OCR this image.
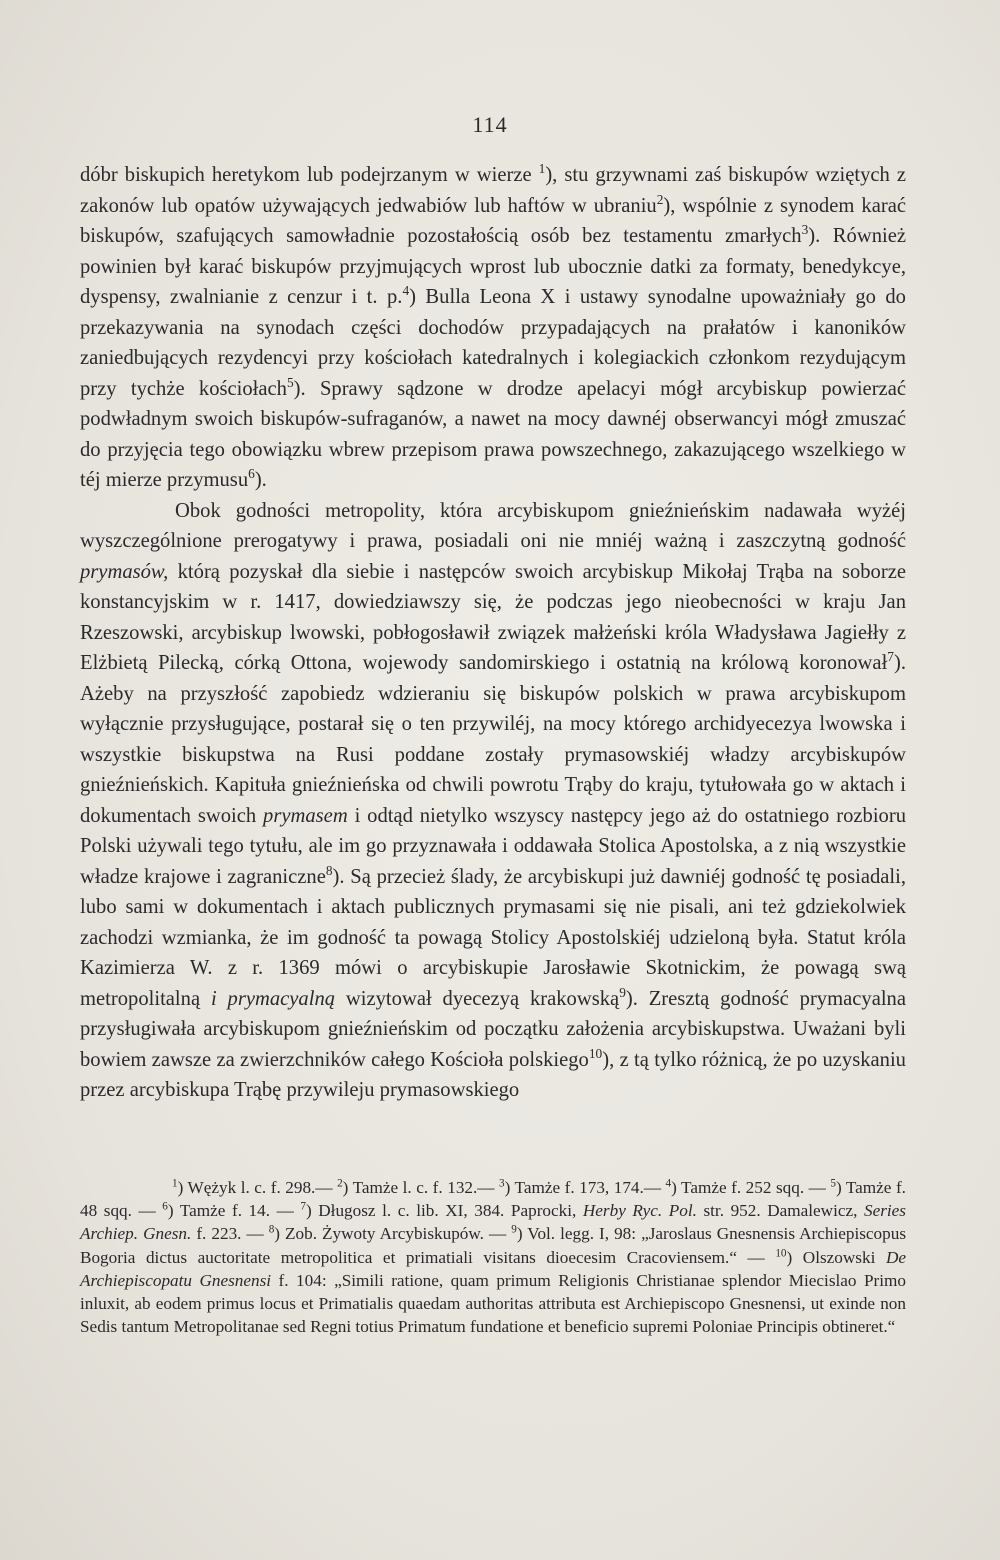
114

dóbr biskupich heretykom lub podejrzanym w wierze $^1$), stu grzywnami zaś biskupów wziętych z zakonów lub opatów używających jedwabiów lub haftów w ubraniu$^2$), wspólnie z synodem karać biskupów, szafujących samowładnie pozostałością osób bez testamentu zmarłych$^3$). Również powinien był karać biskupów przyjmujących wprost lub ubocznie datki za formaty, benedykcye, dyspensy, zwalnianie z cenzur i t. p.$^4$) Bulla Leona X i ustawy synodalne upoważniały go do przekazywania na synodach części dochodów przypadających na prałatów i kanoników zaniedbujących rezydencyi przy kościołach katedralnych i kolegiackich członkom rezydującym przy tychże kościołach$^5$). Sprawy sądzone w drodze apelacyi mógł arcybiskup powierzać podwładnym swoich biskupów-sufraganów, a nawet na mocy dawnéj obserwancyi mógł zmuszać do przyjęcia tego obowiązku wbrew przepisom prawa powszechnego, zakazującego wszelkiego w téj mierze przymusu$^6$).

Obok godności metropolity, która arcybiskupom gnieźnieńskim nadawała wyżéj wyszczególnione prerogatywy i prawa, posiadali oni nie mniéj ważną i zaszczytną godność prymasów, którą pozyskał dla siebie i następców swoich arcybiskup Mikołaj Trąba na soborze konstancyjskim w r. 1417, dowiedziawszy się, że podczas jego nieobecności w kraju Jan Rzeszowski, arcybiskup lwowski, pobłogosławił związek małżeński króla Władysława Jagiełły z Elżbietą Pilecką, córką Ottona, wojewody sandomirskiego i ostatnią na królową koronował$^7$). Ażeby na przyszłość zapobiedz wdzieraniu się biskupów polskich w prawa arcybiskupom wyłącznie przysługujące, postarał się o ten przywiléj, na mocy którego archidyecezya lwowska i wszystkie biskupstwa na Rusi poddane zostały prymasowskiéj władzy arcybiskupów gnieźnieńskich. Kapituła gnieźnieńska od chwili powrotu Trąby do kraju, tytułowała go w aktach i dokumentach swoich prymasem i odtąd nietylko wszyscy następcy jego aż do ostatniego rozbioru Polski używali tego tytułu, ale im go przyznawała i oddawała Stolica Apostolska, a z nią wszystkie władze krajowe i zagraniczne$^8$). Są przecież ślady, że arcybiskupi już dawniéj godność tę posiadali, lubo sami w dokumentach i aktach publicznych prymasami się nie pisali, ani też gdziekolwiek zachodzi wzmianka, że im godność ta powagą Stolicy Apostolskiéj udzieloną była. Statut króla Kazimierza W. z r. 1369 mówi o arcybiskupie Jarosławie Skotnickim, że powagą swą metropolitalną i prymacyalną wizytował dyecezyą krakowską$^9$). Zresztą godność prymacyalna przysługiwała arcybiskupom gnieźnieńskim od początku założenia arcybiskupstwa. Uważani byli bowiem zawsze za zwierzchników całego Kościoła polskiego$^{10}$), z tą tylko różnicą, że po uzyskaniu przez arcybiskupa Trąbę przywileju prymasowskiego

$^1$) Wężyk l. c. f. 298.— $^2$) Tamże l. c. f. 132.— $^3$) Tamże f. 173, 174.— $^4$) Tamże f. 252 sqq. — $^5$) Tamże f. 48 sqq. — $^6$) Tamże f. 14. — $^7$) Długosz l. c. lib. XI, 384. Paprocki, Herby Ryc. Pol. str. 952. Damalewicz, Series Archiep. Gnesn. f. 223. — $^8$) Zob. Żywoty Arcybiskupów. — $^9$) Vol. legg. I, 98: „Jaroslaus Gnesnensis Archiepiscopus Bogoria dictus auctoritate metropolitica et primatiali visitans dioecesim Cracoviensem.“ — $^{10}$) Olszowski De Archiepiscopatu Gnesnensi f. 104: „Simili ratione, quam primum Religionis Christianae splendor Miecislao Primo inluxit, ab eodem primus locus et Primatialis quaedam authoritas attributa est Archiepiscopo Gnesnensi, ut exinde non Sedis tantum Metropolitanae sed Regni totius Primatum fundatione et beneficio supremi Poloniae Principis obtineret.“
